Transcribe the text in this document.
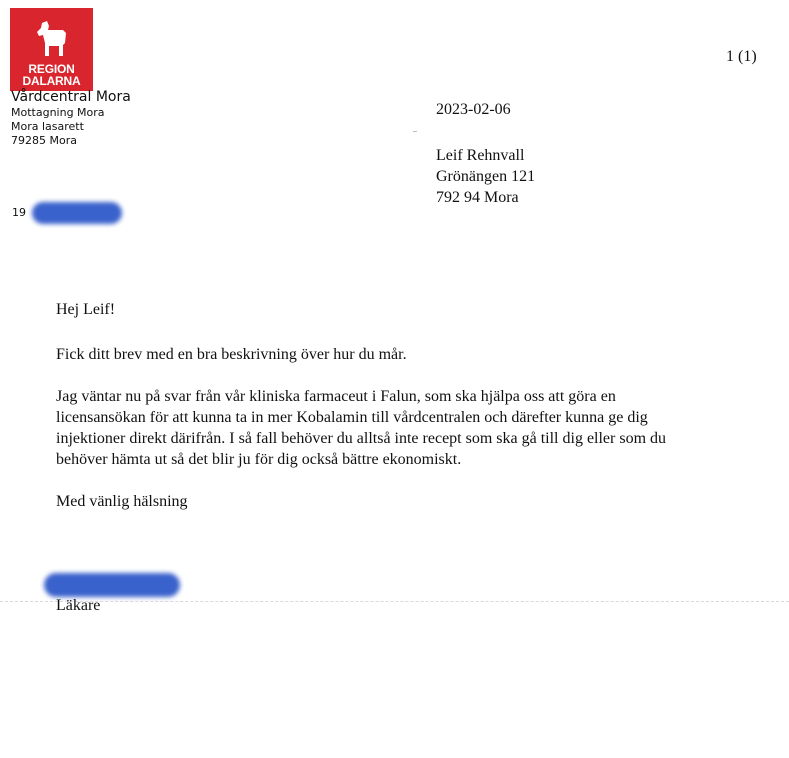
REGION
DALARNA
Vårdcentral Mora
Mottagning Mora
Mora lasarett
79285 Mora
1 (1)
2023-02-06
Leif Rehnvall
Grönängen 121
792 94 Mora
19
Hej Leif!
Fick ditt brev med en bra beskrivning över hur du mår.
Jag väntar nu på svar från vår kliniska farmaceut i Falun, som ska hjälpa oss att göra en
licensansökan för att kunna ta in mer Kobalamin till vårdcentralen och därefter kunna ge dig
injektioner direkt därifrån. I så fall behöver du alltså inte recept som ska gå till dig eller som du
behöver hämta ut så det blir ju för dig också bättre ekonomiskt.
Med vänlig hälsning
Läkare
